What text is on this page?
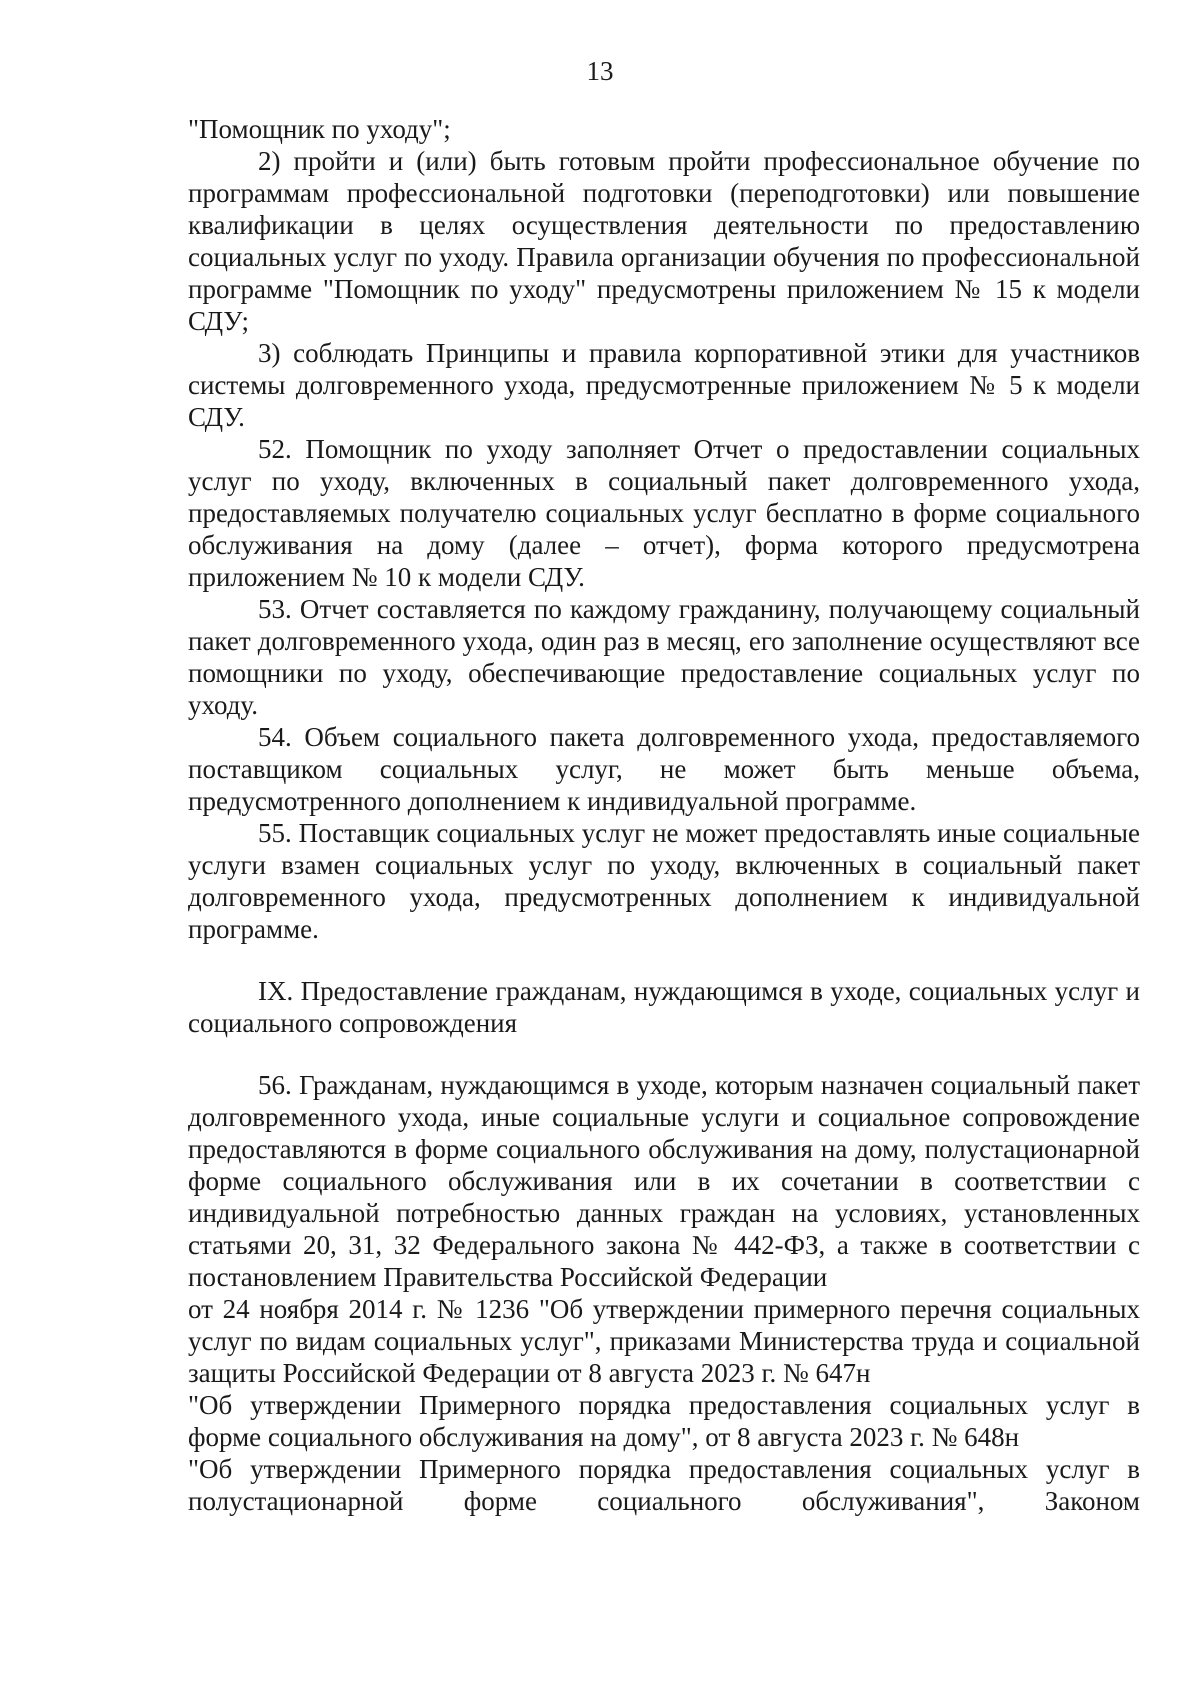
13

"Помощник по уходу";

2) пройти и (или) быть готовым пройти профессиональное обучение по программам профессиональной подготовки (переподготовки) или повышение квалификации в целях осуществления деятельности по предоставлению социальных услуг по уходу. Правила организации обучения по профессиональной программе "Помощник по уходу" предусмотрены приложением № 15 к модели СДУ;

3) соблюдать Принципы и правила корпоративной этики для участников системы долговременного ухода, предусмотренные приложением № 5 к модели СДУ.

52. Помощник по уходу заполняет Отчет о предоставлении социальных услуг по уходу, включенных в социальный пакет долговременного ухода, предоставляемых получателю социальных услуг бесплатно в форме социального обслуживания на дому (далее – отчет), форма которого предусмотрена приложением № 10 к модели СДУ.

53. Отчет составляется по каждому гражданину, получающему социальный пакет долговременного ухода, один раз в месяц, его заполнение осуществляют все помощники по уходу, обеспечивающие предоставление социальных услуг по уходу.

54. Объем социального пакета долговременного ухода, предоставляемого поставщиком социальных услуг, не может быть меньше объема, предусмотренного дополнением к индивидуальной программе.

55. Поставщик социальных услуг не может предоставлять иные социальные услуги взамен социальных услуг по уходу, включенных в социальный пакет долговременного ухода, предусмотренных дополнением к индивидуальной программе.

IX. Предоставление гражданам, нуждающимся в уходе, социальных услуг и социального сопровождения

56. Гражданам, нуждающимся в уходе, которым назначен социальный пакет долговременного ухода, иные социальные услуги и социальное сопровождение предоставляются в форме социального обслуживания на дому, полустационарной форме социального обслуживания или в их сочетании в соответствии с индивидуальной потребностью данных граждан на условиях, установленных статьями 20, 31, 32 Федерального закона № 442-ФЗ, а также в соответствии с постановлением Правительства Российской Федерации

от 24 ноября 2014 г. № 1236 "Об утверждении примерного перечня социальных услуг по видам социальных услуг", приказами Министерства труда и социальной защиты Российской Федерации от 8 августа 2023 г. № 647н

"Об утверждении Примерного порядка предоставления социальных услуг в форме социального обслуживания на дому", от 8 августа 2023 г. № 648н

"Об утверждении Примерного порядка предоставления социальных услуг в полустационарной форме социального обслуживания", Законом
